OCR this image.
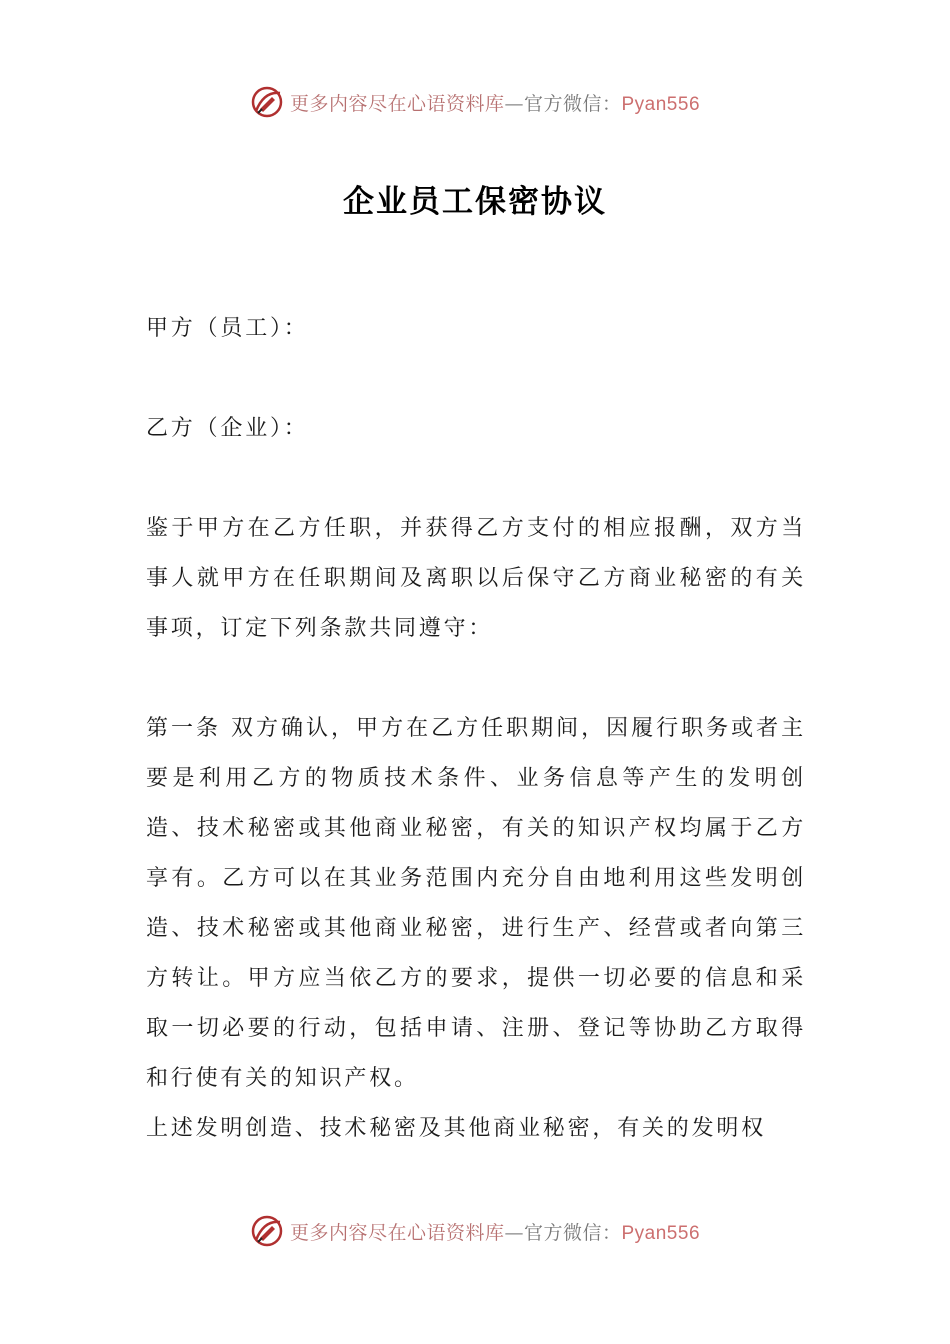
更多内容尽在心语资料库—官方微信：Pyan556
企业员工保密协议

甲方（员工）：

乙方（企业）：

鉴于甲方在乙方任职，并获得乙方支付的相应报酬，双方当事人就甲方在任职期间及离职以后保守乙方商业秘密的有关事项，订定下列条款共同遵守：

第一条 双方确认，甲方在乙方任职期间，因履行职务或者主要是利用乙方的物质技术条件、业务信息等产生的发明创造、技术秘密或其他商业秘密，有关的知识产权均属于乙方享有。乙方可以在其业务范围内充分自由地利用这些发明创造、技术秘密或其他商业秘密，进行生产、经营或者向第三方转让。甲方应当依乙方的要求，提供一切必要的信息和采取一切必要的行动，包括申请、注册、登记等协助乙方取得和行使有关的知识产权。

上述发明创造、技术秘密及其他商业秘密，有关的发明权

更多内容尽在心语资料库—官方微信：Pyan556
